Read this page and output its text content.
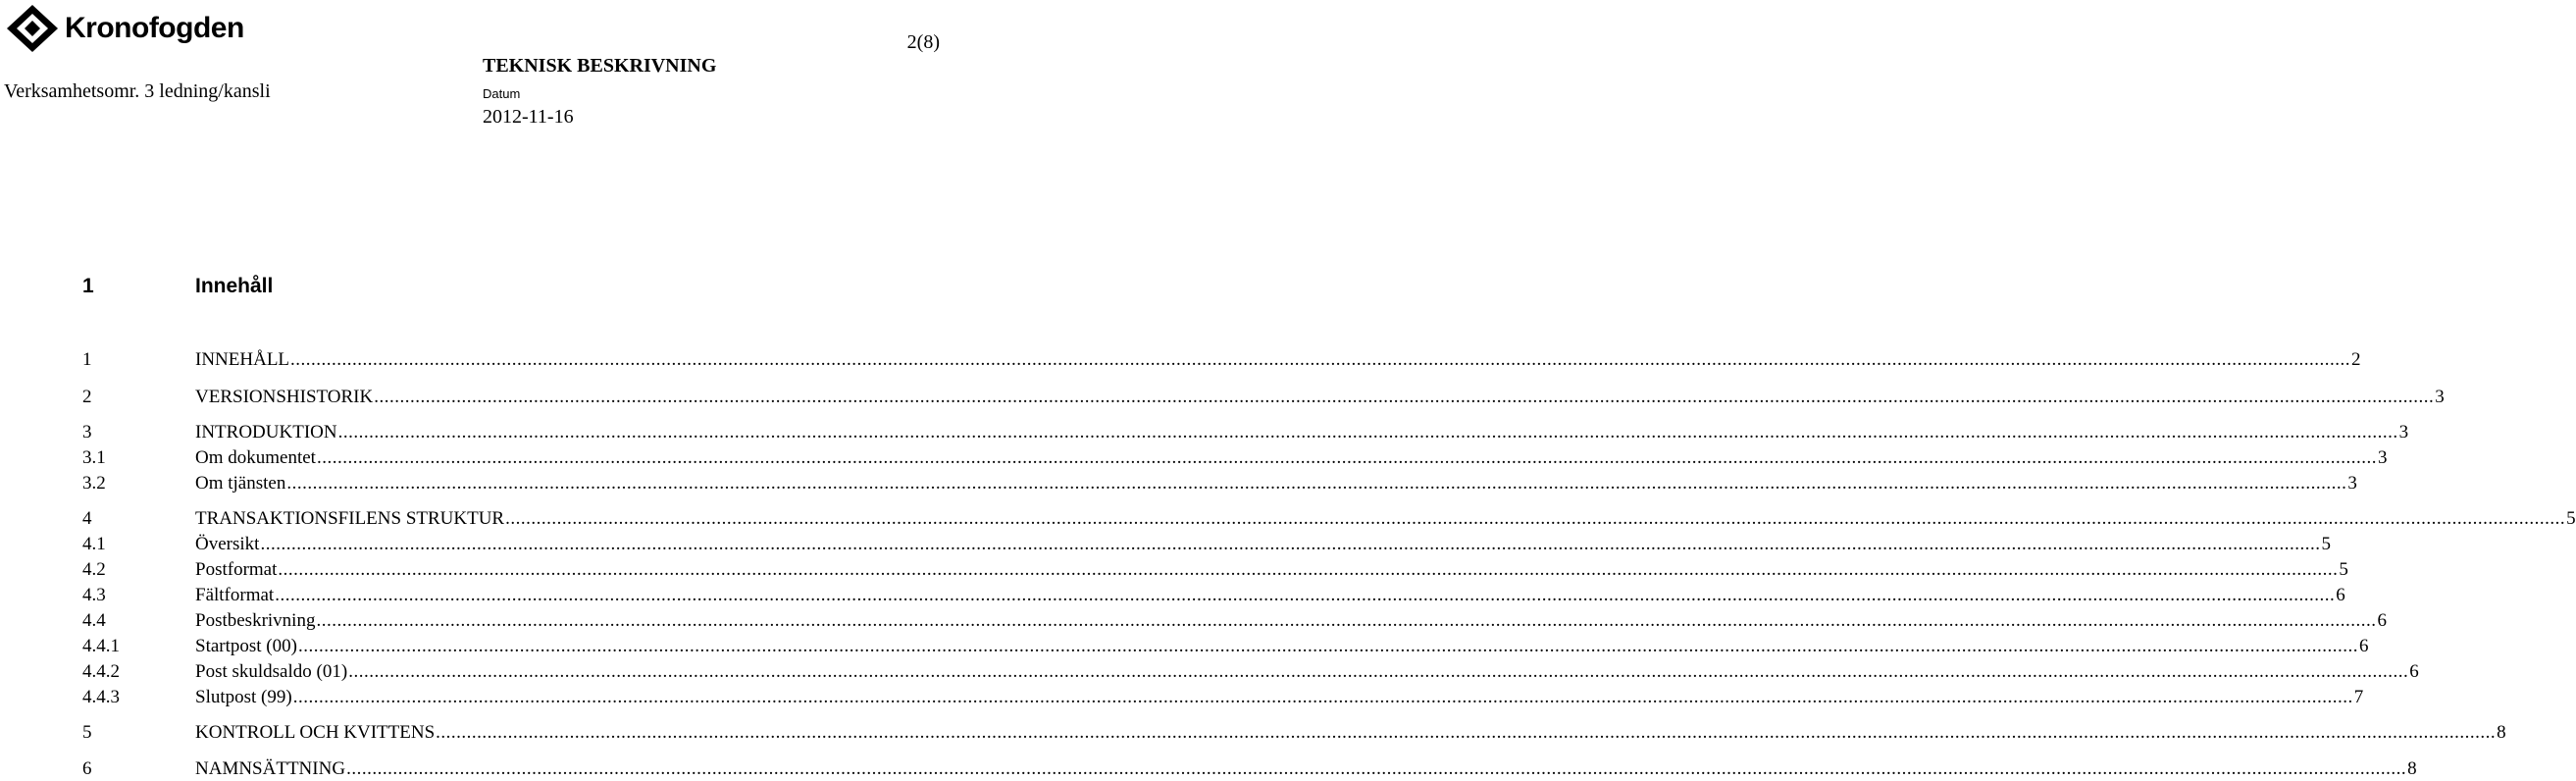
Kronofogden	2(8)
Verksamhetsomr. 3 ledning/kansli
TEKNISK BESKRIVNING
Datum
2012-11-16
1	Innehåll
1	INNEHÅLL ................................................................................................................................................................................................................................................................................................................................................................................................................ 2
2	VERSIONSHISTORIK ................................................................................................................................................................................................................................................................................................................................................................................................................ 3
3	INTRODUKTION ................................................................................................................................................................................................................................................................................................................................................................................................................ 3
3.1	Om dokumentet ................................................................................................................................................................................................................................................................................................................................................................................................................ 3
3.2	Om tjänsten ................................................................................................................................................................................................................................................................................................................................................................................................................ 3
4	TRANSAKTIONSFILENS STRUKTUR ................................................................................................................................................................................................................................................................................................................................................................................................................ 5
4.1	Översikt ................................................................................................................................................................................................................................................................................................................................................................................................................ 5
4.2	Postformat ................................................................................................................................................................................................................................................................................................................................................................................................................ 5
4.3	Fältformat ................................................................................................................................................................................................................................................................................................................................................................................................................ 6
4.4	Postbeskrivning ................................................................................................................................................................................................................................................................................................................................................................................................................ 6
4.4.1	Startpost (00) ................................................................................................................................................................................................................................................................................................................................................................................................................ 6
4.4.2	Post skuldsaldo (01) ................................................................................................................................................................................................................................................................................................................................................................................................................ 6
4.4.3	Slutpost (99) ................................................................................................................................................................................................................................................................................................................................................................................................................ 7
5	KONTROLL OCH KVITTENS ................................................................................................................................................................................................................................................................................................................................................................................................................ 8
6	NAMNSÄTTNING ................................................................................................................................................................................................................................................................................................................................................................................................................ 8
